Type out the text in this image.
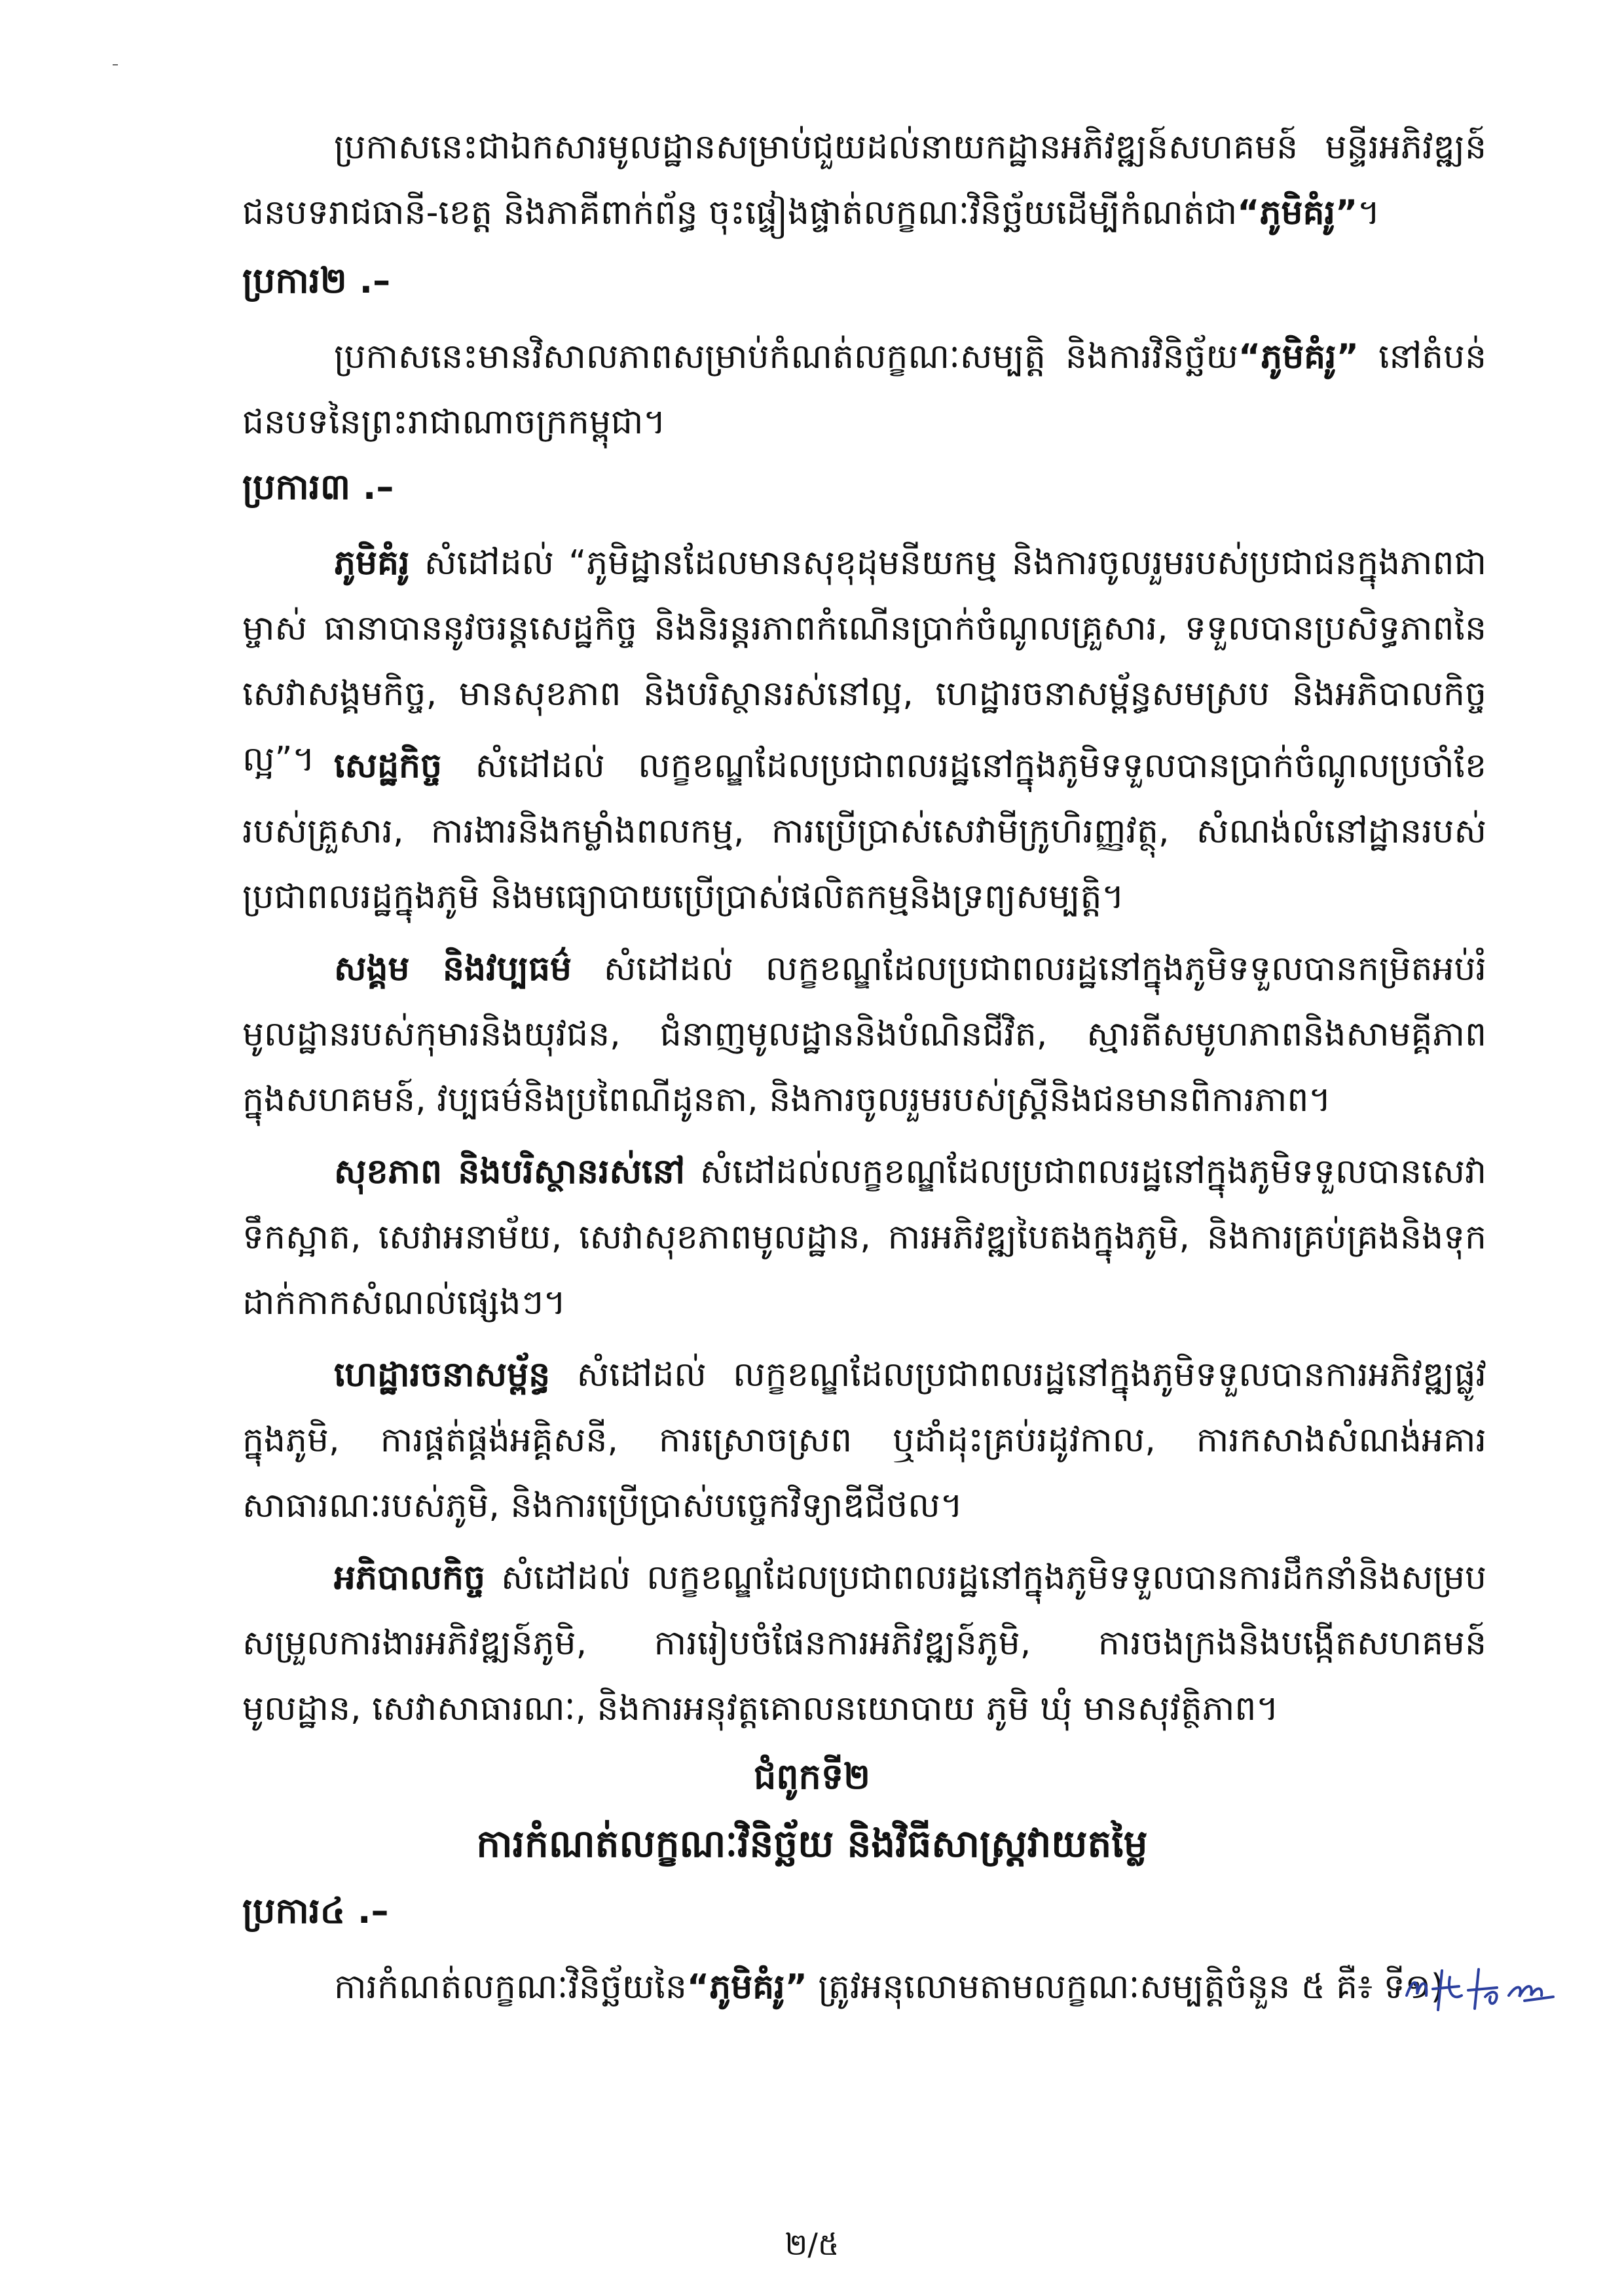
ប្រកាសនេះជាឯកសារមូលដ្ឋានសម្រាប់ជួយដល់នាយកដ្ឋានអភិវឌ្ឍន៍សហគមន៍ មន្ទីរអភិវឌ្ឍន៍ជនបទរាជធានី-ខេត្ត និងភាគីពាក់ព័ន្ធ ចុះផ្ទៀងផ្ទាត់លក្ខណៈវិនិច្ឆ័យដើម្បីកំណត់ជា“ភូមិគំរូ”។

ប្រការ២ .–

ប្រកាសនេះមានវិសាលភាពសម្រាប់កំណត់លក្ខណៈសម្បត្តិ និងការវិនិច្ឆ័យ“ភូមិគំរូ” នៅតំបន់ជនបទនៃព្រះរាជាណាចក្រកម្ពុជា។

ប្រការ៣ .–

ភូមិគំរូ សំដៅដល់ “ភូមិដ្ឋានដែលមានសុខុដុមនីយកម្ម និងការចូលរួមរបស់ប្រជាជនក្នុងភាពជាម្ចាស់ ធានាបាននូវចរន្តសេដ្ឋកិច្ច និងនិរន្តរភាពកំណើនប្រាក់ចំណូលគ្រួសារ, ទទួលបានប្រសិទ្ធភាពនៃសេវាសង្គមកិច្ច, មានសុខភាព និងបរិស្ថានរស់នៅល្អ, ហេដ្ឋារចនាសម្ព័ន្ធសមស្រប និងអភិបាលកិច្ចល្អ”។ សេដ្ឋកិច្ច សំដៅដល់ លក្ខខណ្ឌដែលប្រជាពលរដ្ឋនៅក្នុងភូមិទទួលបានប្រាក់ចំណូលប្រចាំខែរបស់គ្រួសារ, ការងារនិងកម្លាំងពលកម្ម, ការប្រើប្រាស់សេវាមីក្រូហិរញ្ញវត្ថុ, សំណង់លំនៅដ្ឋានរបស់ប្រជាពលរដ្ឋក្នុងភូមិ និងមធ្យោបាយប្រើប្រាស់ផលិតកម្មនិងទ្រព្យសម្បត្តិ។

សង្គម និងវប្បធម៌ សំដៅដល់ លក្ខខណ្ឌដែលប្រជាពលរដ្ឋនៅក្នុងភូមិទទួលបានកម្រិតអប់រំមូលដ្ឋានរបស់កុមារនិងយុវជន, ជំនាញមូលដ្ឋាននិងបំណិនជីវិត, ស្មារតីសមូហភាពនិងសាមគ្គីភាពក្នុងសហគមន៍, វប្បធម៌និងប្រពៃណីដូនតា, និងការចូលរួមរបស់ស្ត្រីនិងជនមានពិការភាព។

សុខភាព និងបរិស្ថានរស់នៅ សំដៅដល់លក្ខខណ្ឌដែលប្រជាពលរដ្ឋនៅក្នុងភូមិទទួលបានសេវាទឹកស្អាត, សេវាអនាម័យ, សេវាសុខភាពមូលដ្ឋាន, ការអភិវឌ្ឍបៃតងក្នុងភូមិ, និងការគ្រប់គ្រងនិងទុកដាក់កាកសំណល់ផ្សេងៗ។

ហេដ្ឋារចនាសម្ព័ន្ធ សំដៅដល់ លក្ខខណ្ឌដែលប្រជាពលរដ្ឋនៅក្នុងភូមិទទួលបានការអភិវឌ្ឍផ្លូវក្នុងភូមិ, ការផ្គត់ផ្គង់អគ្គិសនី, ការស្រោចស្រព ឬដាំដុះគ្រប់រដូវកាល, ការកសាងសំណង់អគារសាធារណៈរបស់ភូមិ, និងការប្រើប្រាស់បច្ចេកវិទ្យាឌីជីថល។

អភិបាលកិច្ច សំដៅដល់ លក្ខខណ្ឌដែលប្រជាពលរដ្ឋនៅក្នុងភូមិទទួលបានការដឹកនាំនិងសម្របសម្រួលការងារអភិវឌ្ឍន៍ភូមិ, ការរៀបចំផែនការអភិវឌ្ឍន៍ភូមិ, ការចងក្រងនិងបង្កើតសហគមន៍មូលដ្ឋាន, សេវាសាធារណៈ, និងការអនុវត្តគោលនយោបាយ ភូមិ ឃុំ មានសុវត្ថិភាព។

ជំពូកទី២

ការកំណត់លក្ខណៈវិនិច្ឆ័យ និងវិធីសាស្ត្រវាយតម្លៃ

ប្រការ៤ .–

ការកំណត់លក្ខណៈវិនិច្ឆ័យនៃ“ភូមិគំរូ” ត្រូវអនុលោមតាមលក្ខណៈសម្បត្តិចំនួន ៥ គឺ៖ ទី១)

២/៥
